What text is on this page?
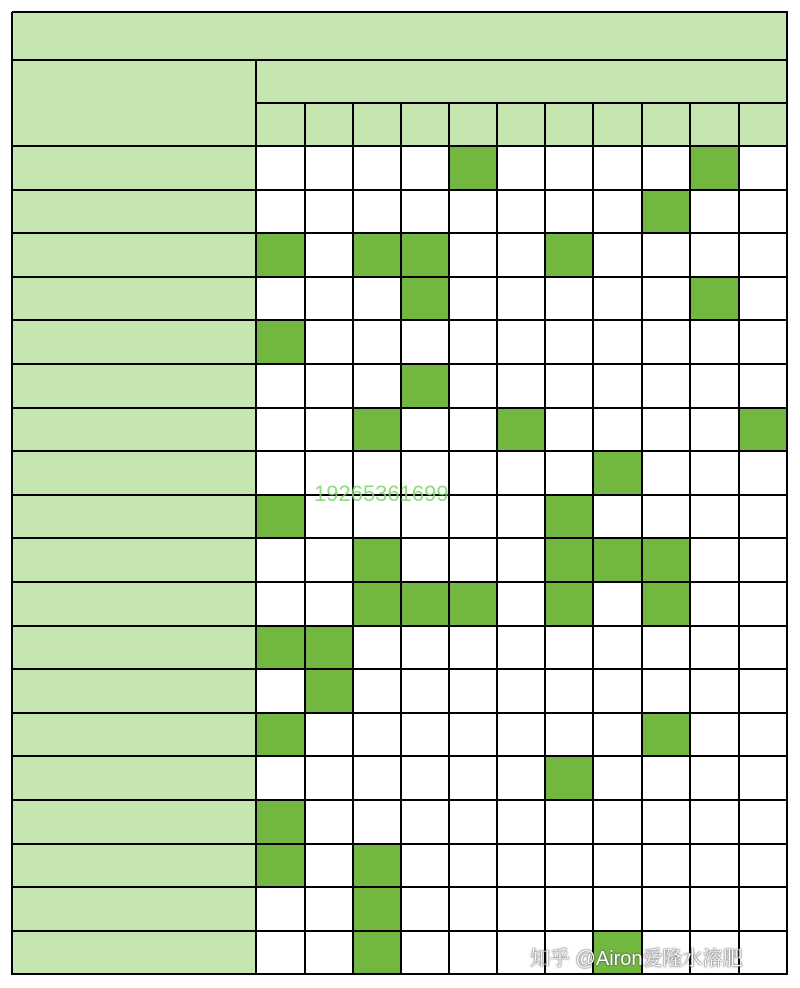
19265361699
知乎 @Airon爱隆水溶肥
